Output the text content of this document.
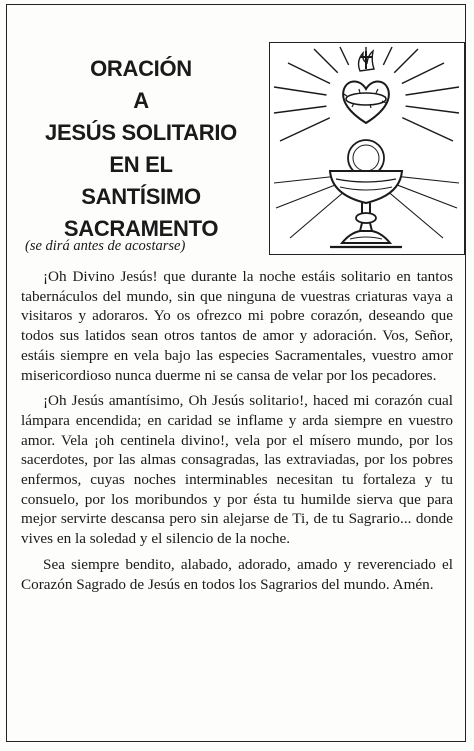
ORACIÓN
A
JESÚS SOLITARIO
EN EL
SANTÍSIMO
SACRAMENTO
(se dirá antes de acostarse)

¡Oh Divino Jesús! que durante la noche estáis solitario en tantos tabernáculos del mundo, sin que ninguna de vuestras criaturas vaya a visitaros y adoraros. Yo os ofrezco mi pobre corazón, deseando que todos sus latidos sean otros tantos de amor y adoración. Vos, Señor, estáis siempre en vela bajo las especies Sacramentales, vuestro amor misericordioso nunca duerme ni se cansa de velar por los pecadores.

¡Oh Jesús amantísimo, Oh Jesús solitario!, haced mi corazón cual lámpara encendida; en caridad se inflame y arda siempre en vuestro amor. Vela ¡oh centinela divino!, vela por el mísero mundo, por los sacerdotes, por las almas consagradas, las extraviadas, por los pobres enfermos, cuyas noches interminables necesitan tu fortaleza y tu consuelo, por los moribundos y por ésta tu humilde sierva que para mejor servirte descansa pero sin alejarse de Ti, de tu Sagrario... donde vives en la soledad y el silencio de la noche.

Sea siempre bendito, alabado, adorado, amado y reverenciado el Corazón Sagrado de Jesús en todos los Sagrarios del mundo. Amén.
